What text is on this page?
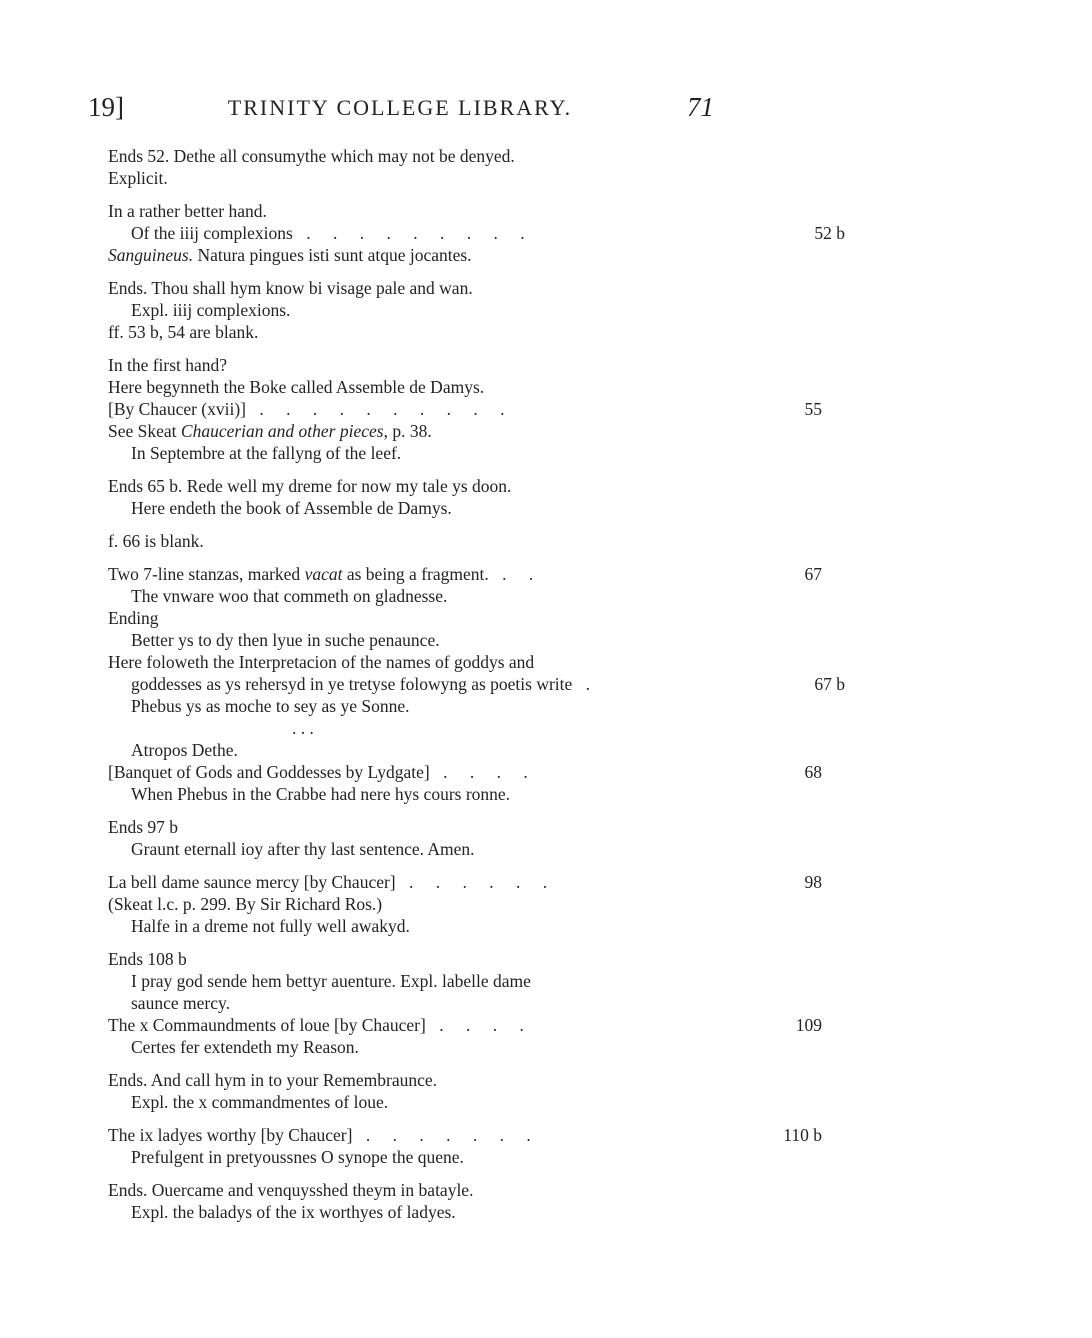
19]	TRINITY COLLEGE LIBRARY.	71
Ends 52. Dethe all consumythe which may not be denyed.
Explicit.
In a rather better hand.
Of the iiij complexions . . . . . . . . .	52 b
Sanguineus. Natura pingues isti sunt atque jocantes.
Ends. Thou shall hym know bi visage pale and wan.
Expl. iiij complexions.
ff. 53 b, 54 are blank.
In the first hand?
Here begynneth the Boke called Assemble de Damys.
[By Chaucer (xvii)] . . . . . . . . . .	55
See Skeat Chaucerian and other pieces, p. 38.
In Septembre at the fallyng of the leef.
Ends 65 b. Rede well my dreme for now my tale ys doon.
Here endeth the book of Assemble de Damys.
f. 66 is blank.
Two 7-line stanzas, marked vacat as being a fragment. . .	67
The vnware woo that commeth on gladnesse.
Ending
Better ys to dy then lyue in suche penaunce.
Here foloweth the Interpretacion of the names of goddys and
goddesses as ys rehersyd in ye tretyse folowyng as poetis write .	67 b
Phebus ys as moche to sey as ye Sonne.
. . .
Atropos Dethe.
[Banquet of Gods and Goddesses by Lydgate] . . . .	68
When Phebus in the Crabbe had nere hys cours ronne.
Ends 97 b
Graunt eternall ioy after thy last sentence. Amen.
La bell dame saunce mercy [by Chaucer] . . . . . .	98
(Skeat l.c. p. 299. By Sir Richard Ros.)
Halfe in a dreme not fully well awakyd.
Ends 108 b
I pray god sende hem bettyr auenture. Expl. labelle dame
saunce mercy.
The x Commaundments of loue [by Chaucer] . . . .	109
Certes fer extendeth my Reason.
Ends. And call hym in to your Remembraunce.
Expl. the x commandmentes of loue.
The ix ladyes worthy [by Chaucer] . . . . . . .	110 b
Prefulgent in pretyoussnes O synope the quene.
Ends. Ouercame and venquysshed theym in batayle.
Expl. the baladys of the ix worthyes of ladyes.
